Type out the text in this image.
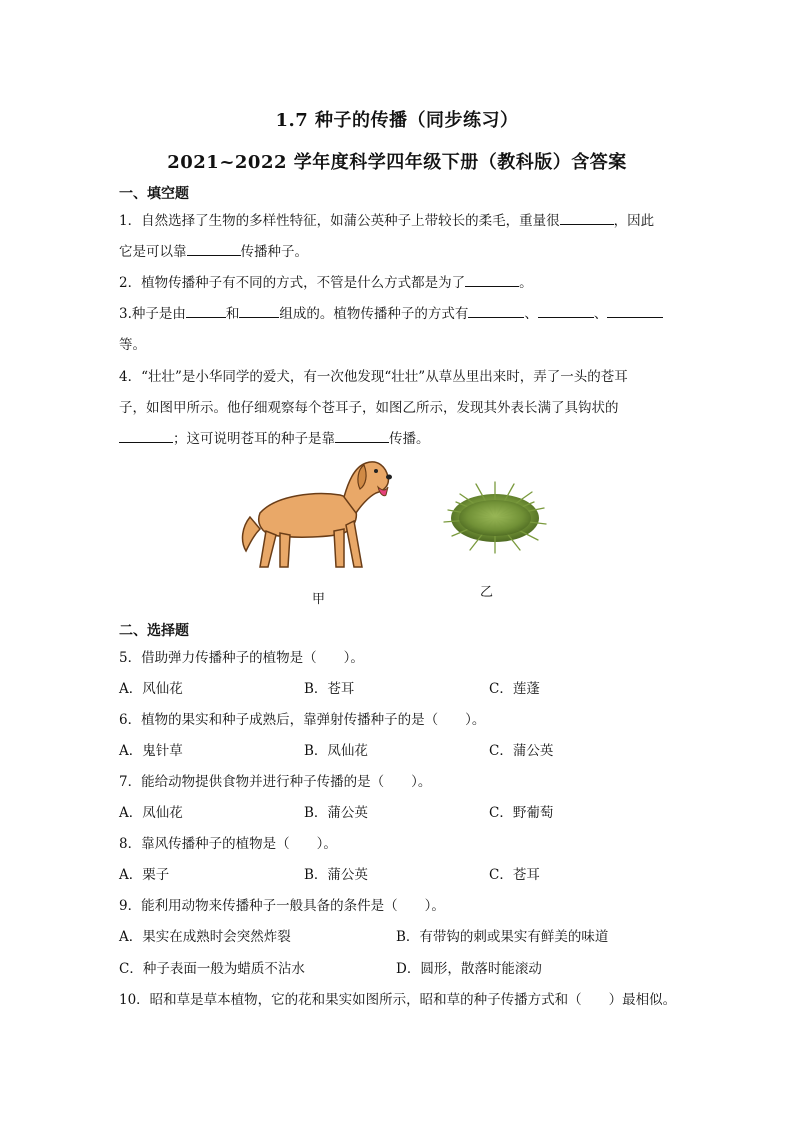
1.7 种子的传播（同步练习）
2021~2022 学年度科学四年级下册（教科版）含答案
一、填空题
1．自然选择了生物的多样性特征，如蒲公英种子上带较长的柔毛，重量很	，因此
它是可以靠	传播种子。
2．植物传播种子有不同的方式，不管是什么方式都是为了	。
3.种子是由	和	组成的。植物传播种子的方式有	、	、
等。
4．“壮壮”是小华同学的爱犬，有一次他发现“壮壮”从草丛里出来时，弄了一头的苍耳
子，如图甲所示。他仔细观察每个苍耳子，如图乙所示，发现其外表长满了具钩状的
；这可说明苍耳的种子是靠	传播。
甲	乙
二、选择题
5．借助弹力传播种子的植物是（　　）。
A．风仙花	B．苍耳	C．莲蓬
6．植物的果实和种子成熟后，靠弹射传播种子的是（　　）。
A．鬼针草	B．凤仙花	C．蒲公英
7．能给动物提供食物并进行种子传播的是（　　）。
A．凤仙花	B．蒲公英	C．野葡萄
8．靠风传播种子的植物是（　　）。
A．栗子	B．蒲公英	C．苍耳
9．能利用动物来传播种子一般具备的条件是（　　）。
A．果实在成熟时会突然炸裂	B．有带钩的刺或果实有鲜美的味道
C．种子表面一般为蜡质不沾水	D．圆形，散落时能滚动
10．昭和草是草本植物，它的花和果实如图所示，昭和草的种子传播方式和（　　）最相似。
